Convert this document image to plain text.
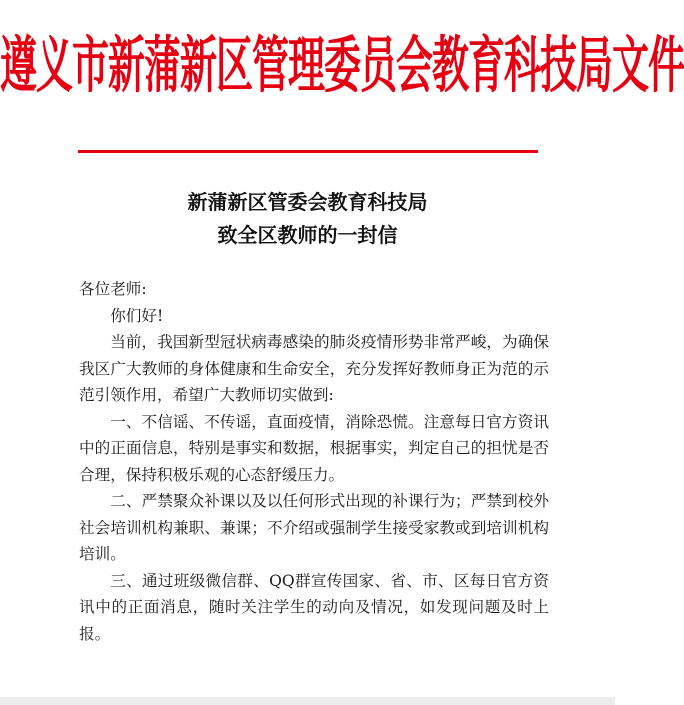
遵义市新蒲新区管理委员会教育科技局文件
新蒲新区管委会教育科技局
致全区教师的一封信

各位老师:

你们好!

当前，我国新型冠状病毒感染的肺炎疫情形势非常严峻，为确保我区广大教师的身体健康和生命安全，充分发挥好教师身正为范的示范引领作用，希望广大教师切实做到:

一、不信谣、不传谣，直面疫情，消除恐慌。注意每日官方资讯中的正面信息，特别是事实和数据，根据事实，判定自己的担忧是否合理，保持积极乐观的心态舒缓压力。

二、严禁聚众补课以及以任何形式出现的补课行为；严禁到校外社会培训机构兼职、兼课；不介绍或强制学生接受家教或到培训机构培训。

三、通过班级微信群、QQ群宣传国家、省、市、区每日官方资讯中的正面消息，随时关注学生的动向及情况，如发现问题及时上报。
